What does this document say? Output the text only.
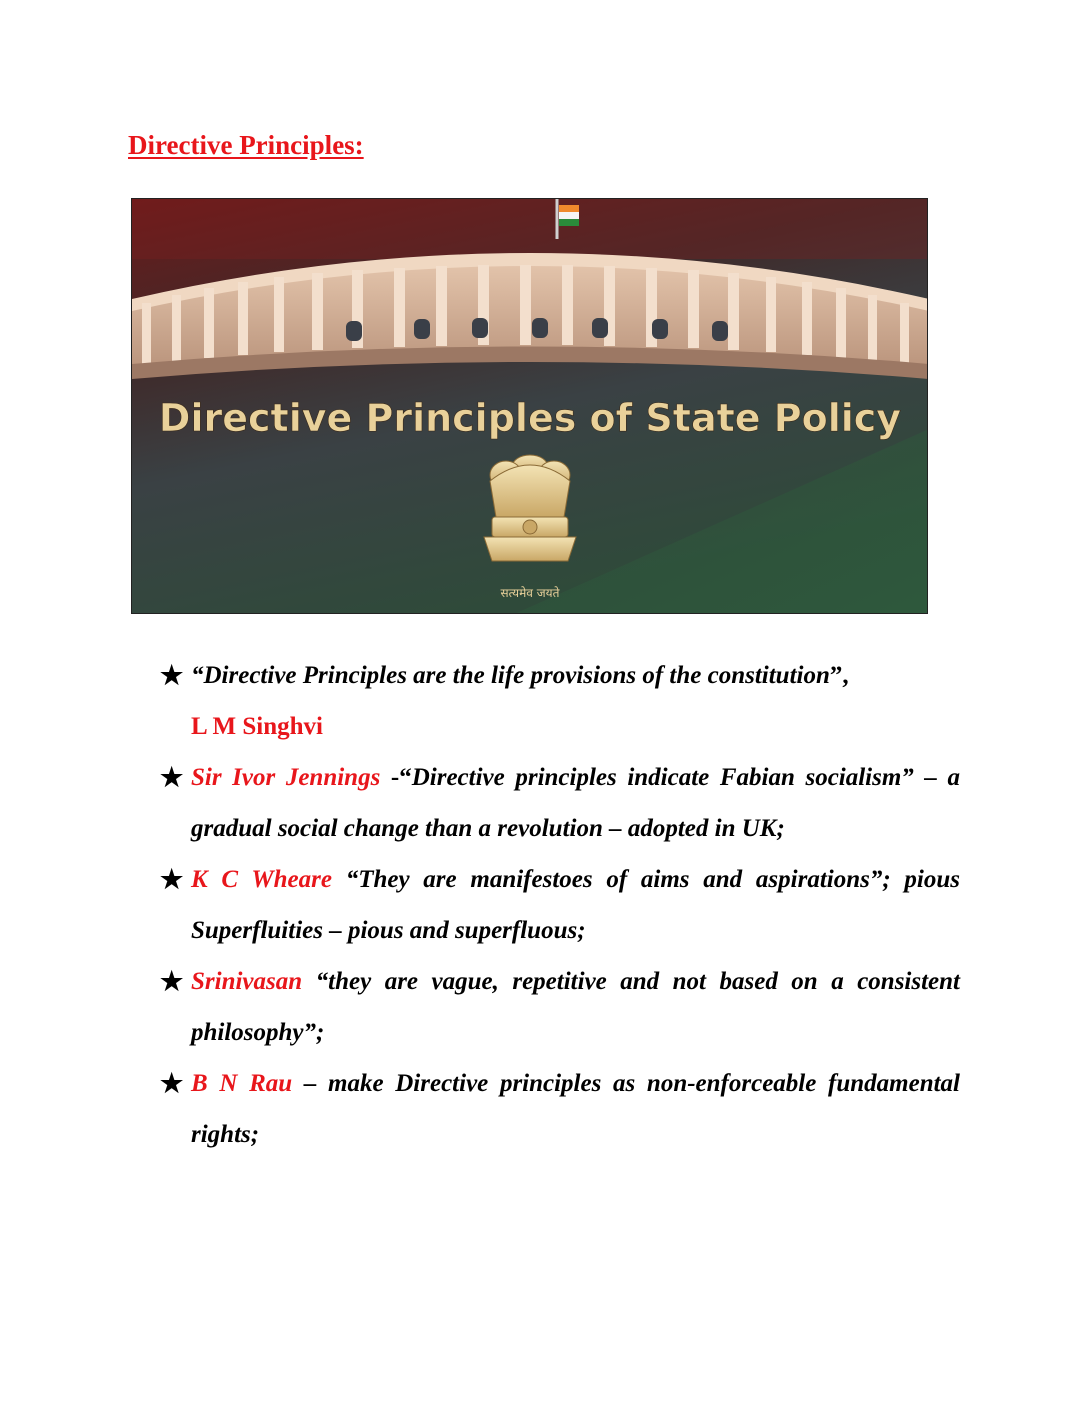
Directive Principles:
Directive Principles of State Policy
सत्यमेव जयते
★ “Directive Principles are the life provisions of the constitution”,
L M Singhvi
★ Sir Ivor Jennings -“Directive principles indicate Fabian socialism” – a gradual social change than a revolution – adopted in UK;
★ K C Wheare “They are manifestoes of aims and aspirations”; pious Superfluities – pious and superfluous;
★ Srinivasan “they are vague, repetitive and not based on a consistent philosophy”;
★ B N Rau – make Directive principles as non-enforceable fundamental rights;
